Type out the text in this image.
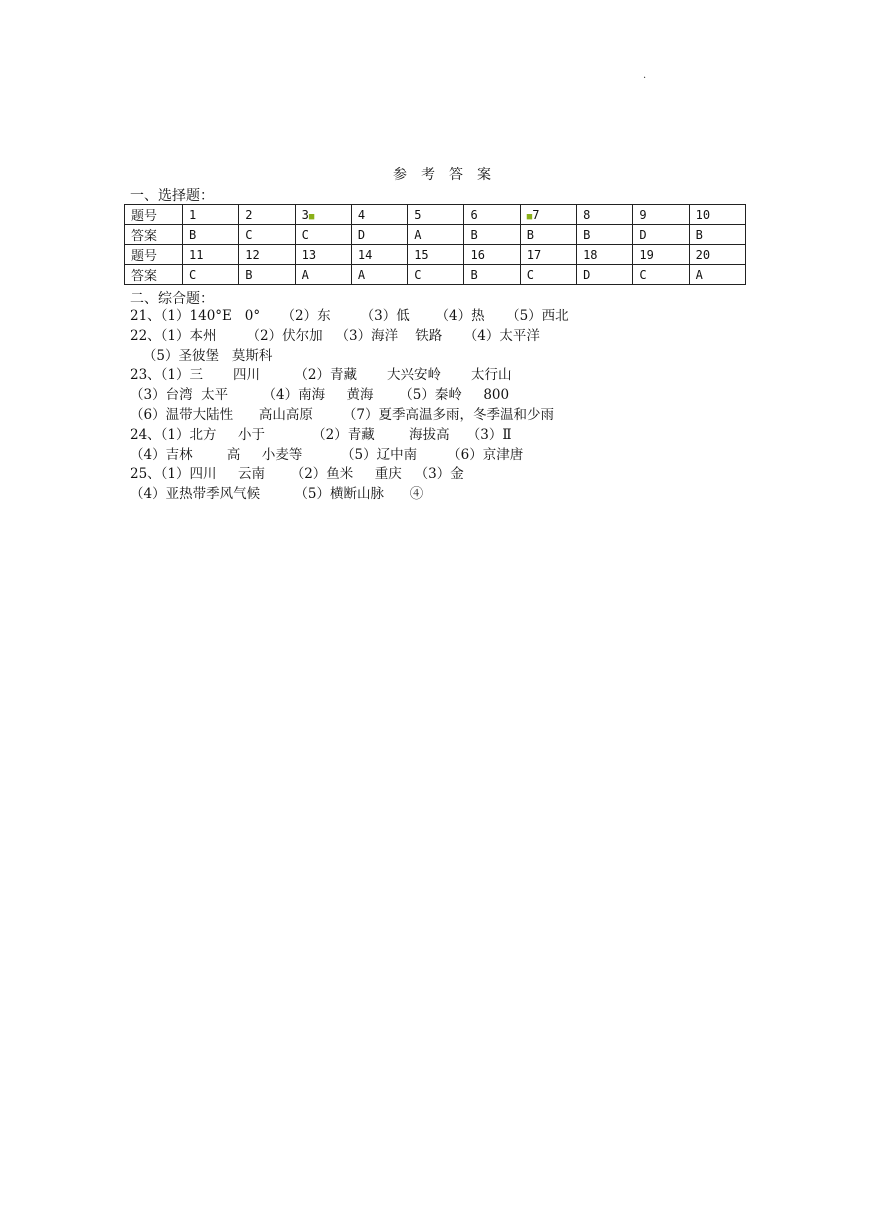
.
参考答案
一、选择题：
题号	1	2	3■	4	5	6	■7	8	9	10
答案	B	C	C	D	A	B	B	B	D	B
题号	11	12	13	14	15	16	17	18	19	20
答案	C	B	A	A	C	B	C	D	C	A
二、综合题：
21、（1）140°E   0°     （2）东       （3）低      （4）热     （5）西北
22、（1）本州       （2）伏尔加   （3）海洋    铁路     （4）太平洋
（5）圣彼堡   莫斯科
23、（1）三       四川        （2）青藏       大兴安岭       太行山
（3）台湾  太平        （4）南海     黄海      （5）秦岭     800
（6）温带大陆性      高山高原       （7）夏季高温多雨，冬季温和少雨
24、（1）北方     小于           （2）青藏        海拔高    （3）Ⅱ
（4）吉林        高     小麦等         （5）辽中南       （6）京津唐
25、（1）四川     云南      （2）鱼米     重庆   （3）金
（4）亚热带季风气候        （5）横断山脉      ④
